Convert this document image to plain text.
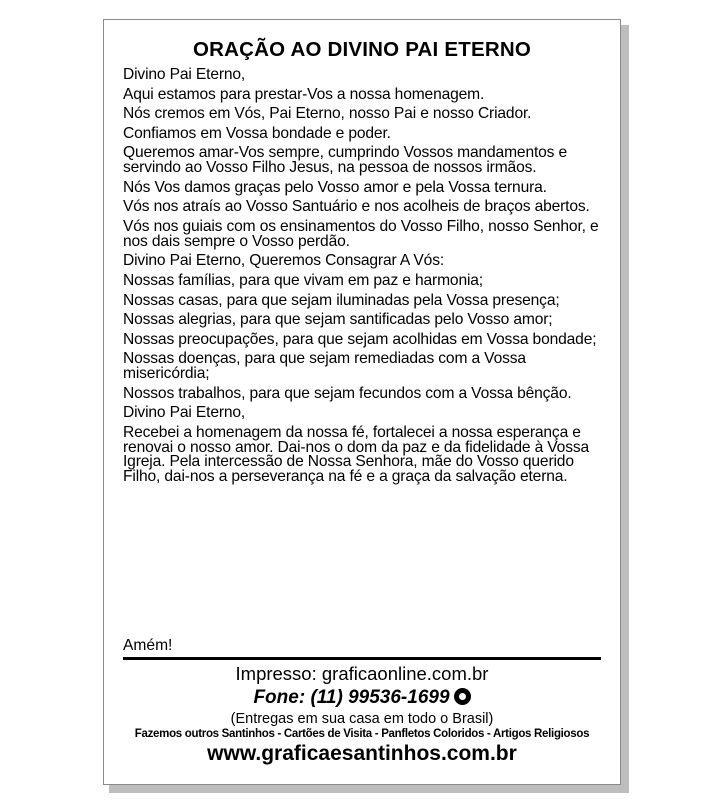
ORAÇÃO AO DIVINO PAI ETERNO

Divino Pai Eterno,

Aqui estamos para prestar-Vos a nossa homenagem.

Nós cremos em Vós, Pai Eterno, nosso Pai e nosso Criador.

Confiamos em Vossa bondade e poder.

Queremos amar-Vos sempre, cumprindo Vossos mandamentos e servindo ao Vosso Filho Jesus, na pessoa de nossos irmãos.

Nós Vos damos graças pelo Vosso amor e pela Vossa ternura.

Vós nos atraís ao Vosso Santuário e nos acolheis de braços abertos.

Vós nos guiais com os ensinamentos do Vosso Filho, nosso Senhor, e nos dais sempre o Vosso perdão.

Divino Pai Eterno, Queremos Consagrar A Vós:

Nossas famílias, para que vivam em paz e harmonia;

Nossas casas, para que sejam iluminadas pela Vossa presença;

Nossas alegrias, para que sejam santificadas pelo Vosso amor;

Nossas preocupações, para que sejam acolhidas em Vossa bondade;

Nossas doenças, para que sejam remediadas com a Vossa misericórdia;

Nossos trabalhos, para que sejam fecundos com a Vossa bênção.

Divino Pai Eterno,

Recebei a homenagem da nossa fé, fortalecei a nossa esperança e renovai o nosso amor. Dai-nos o dom da paz e da fidelidade à Vossa Igreja. Pela intercessão de Nossa Senhora, mãe do Vosso querido Filho, dai-nos a perseverança na fé e a graça da salvação eterna.

Amém!
Impresso: graficaonline.com.br
Fone: (11) 99536-1699
(Entregas em sua casa em todo o Brasil)
Fazemos outros Santinhos - Cartões de Visita - Panfletos Coloridos - Artigos Religiosos
www.graficaesantinhos.com.br
